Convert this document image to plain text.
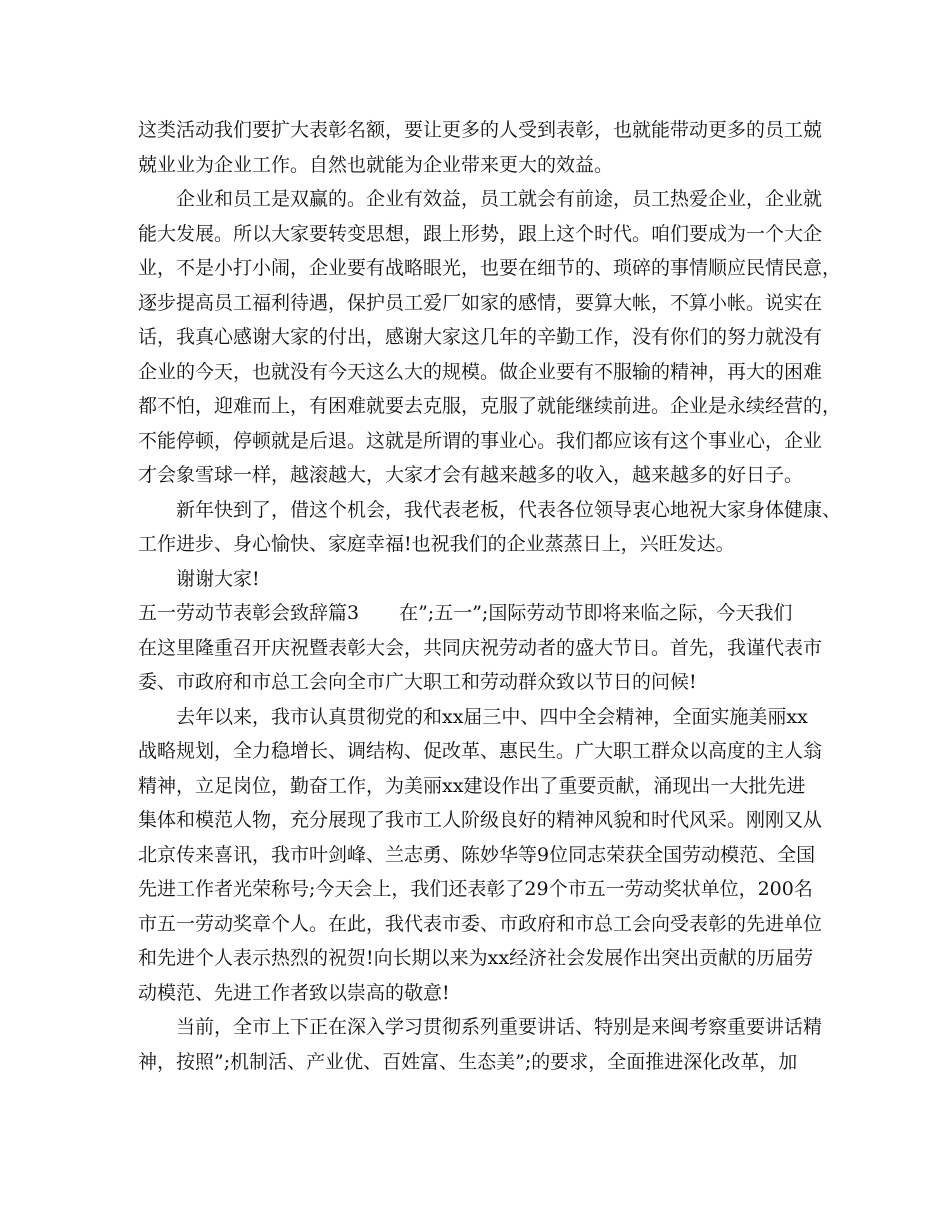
这类活动我们要扩大表彰名额，要让更多的人受到表彰，也就能带动更多的员工兢
兢业业为企业工作。自然也就能为企业带来更大的效益。
企业和员工是双赢的。企业有效益，员工就会有前途，员工热爱企业，企业就
能大发展。所以大家要转变思想，跟上形势，跟上这个时代。咱们要成为一个大企
业，不是小打小闹，企业要有战略眼光，也要在细节的、琐碎的事情顺应民情民意，
逐步提高员工福利待遇，保护员工爱厂如家的感情，要算大帐，不算小帐。说实在
话，我真心感谢大家的付出，感谢大家这几年的辛勤工作，没有你们的努力就没有
企业的今天，也就没有今天这么大的规模。做企业要有不服输的精神，再大的困难
都不怕，迎难而上，有困难就要去克服，克服了就能继续前进。企业是永续经营的，
不能停顿，停顿就是后退。这就是所谓的事业心。我们都应该有这个事业心，企业
才会象雪球一样，越滚越大，大家才会有越来越多的收入，越来越多的好日子。
新年快到了，借这个机会，我代表老板，代表各位领导衷心地祝大家身体健康、
工作进步、身心愉快、家庭幸福!也祝我们的企业蒸蒸日上，兴旺发达。
谢谢大家!
五一劳动节表彰会致辞篇3 在”;五一”;国际劳动节即将来临之际，今天我们
在这里隆重召开庆祝暨表彰大会，共同庆祝劳动者的盛大节日。首先，我谨代表市
委、市政府和市总工会向全市广大职工和劳动群众致以节日的问候!
去年以来，我市认真贯彻党的和xx届三中、四中全会精神，全面实施美丽xx
战略规划，全力稳增长、调结构、促改革、惠民生。广大职工群众以高度的主人翁
精神，立足岗位，勤奋工作，为美丽xx建设作出了重要贡献，涌现出一大批先进
集体和模范人物，充分展现了我市工人阶级良好的精神风貌和时代风采。刚刚又从
北京传来喜讯，我市叶剑峰、兰志勇、陈妙华等9位同志荣获全国劳动模范、全国
先进工作者光荣称号;今天会上，我们还表彰了29个市五一劳动奖状单位，200名
市五一劳动奖章个人。在此，我代表市委、市政府和市总工会向受表彰的先进单位
和先进个人表示热烈的祝贺!向长期以来为xx经济社会发展作出突出贡献的历届劳
动模范、先进工作者致以崇高的敬意!
当前，全市上下正在深入学习贯彻系列重要讲话、特别是来闽考察重要讲话精
神，按照”;机制活、产业优、百姓富、生态美”;的要求，全面推进深化改革，加
